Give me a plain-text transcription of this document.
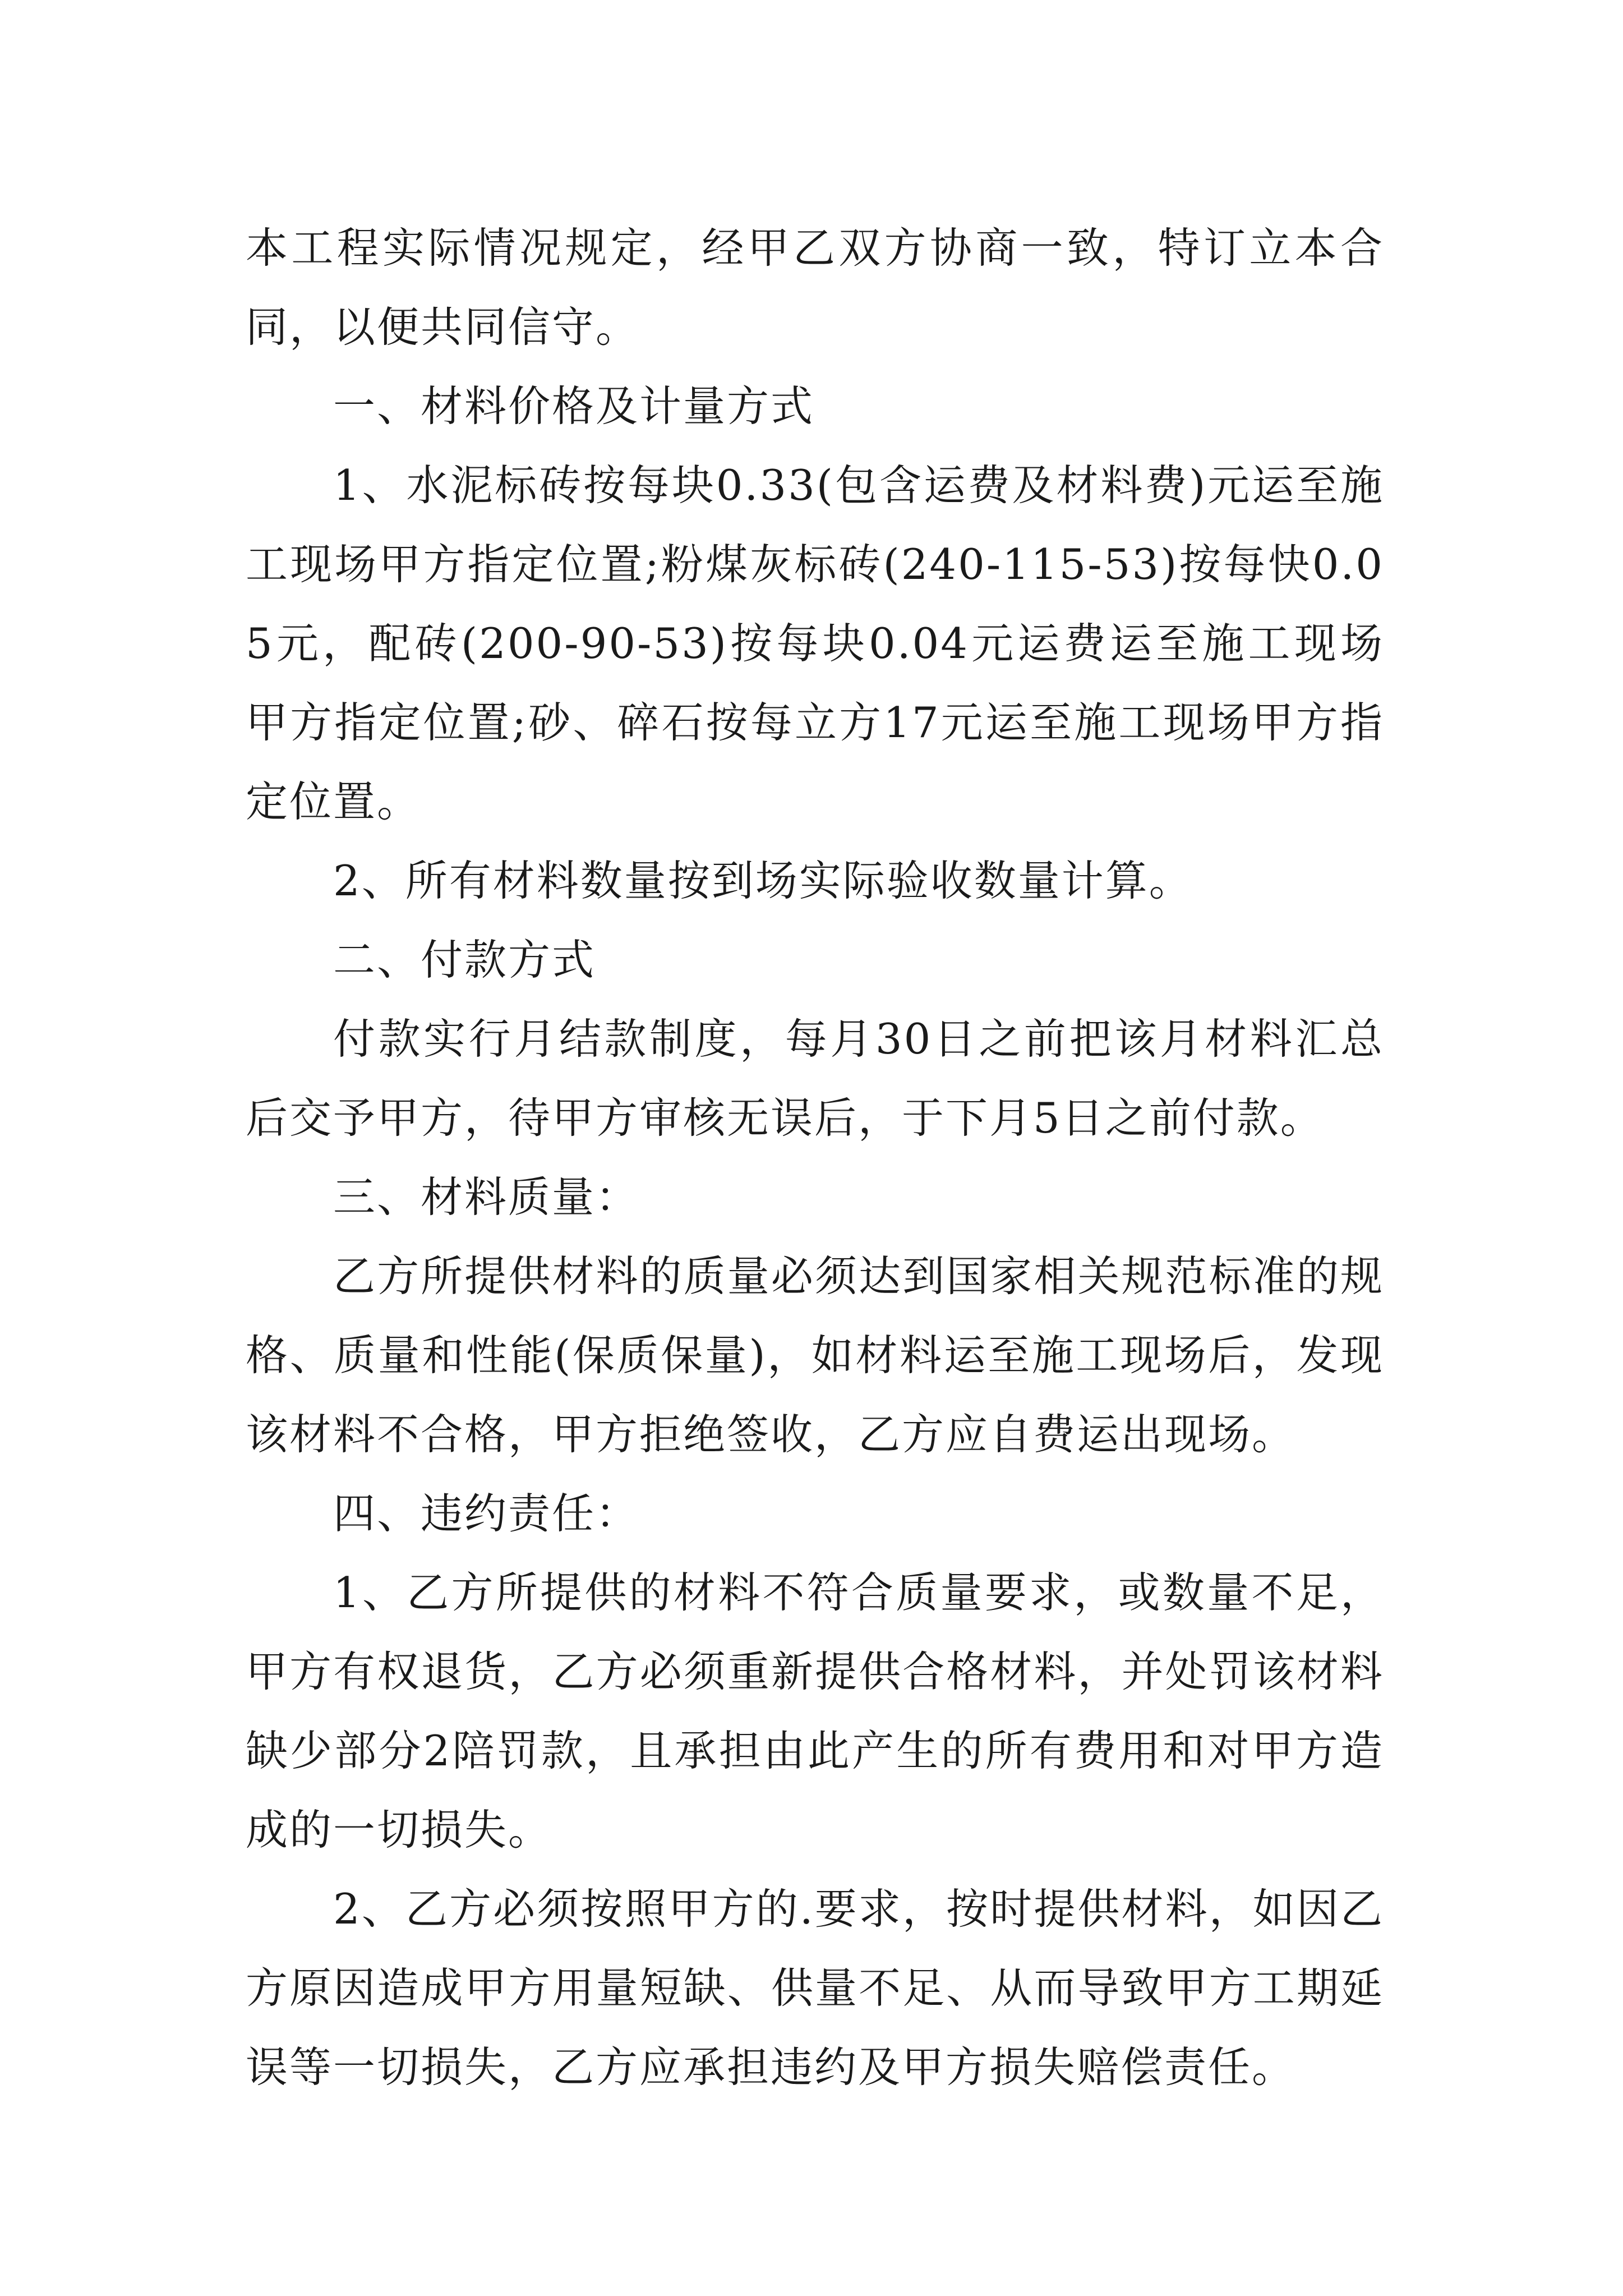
本工程实际情况规定，经甲乙双方协商一致，特订立本合同，以便共同信守。

一、材料价格及计量方式

1、水泥标砖按每块0.33(包含运费及材料费)元运至施工现场甲方指定位置;粉煤灰标砖(240-115-53)按每快0.05元，配砖(200-90-53)按每块0.04元运费运至施工现场甲方指定位置;砂、碎石按每立方17元运至施工现场甲方指定位置。

2、所有材料数量按到场实际验收数量计算。

二、付款方式

付款实行月结款制度，每月30日之前把该月材料汇总后交予甲方，待甲方审核无误后，于下月5日之前付款。

三、材料质量：

乙方所提供材料的质量必须达到国家相关规范标准的规格、质量和性能(保质保量)，如材料运至施工现场后，发现该材料不合格，甲方拒绝签收，乙方应自费运出现场。

四、违约责任：

1、乙方所提供的材料不符合质量要求，或数量不足，甲方有权退货，乙方必须重新提供合格材料，并处罚该材料缺少部分2陪罚款，且承担由此产生的所有费用和对甲方造成的一切损失。

2、乙方必须按照甲方的.要求，按时提供材料，如因乙方原因造成甲方用量短缺、供量不足、从而导致甲方工期延误等一切损失，乙方应承担违约及甲方损失赔偿责任。
